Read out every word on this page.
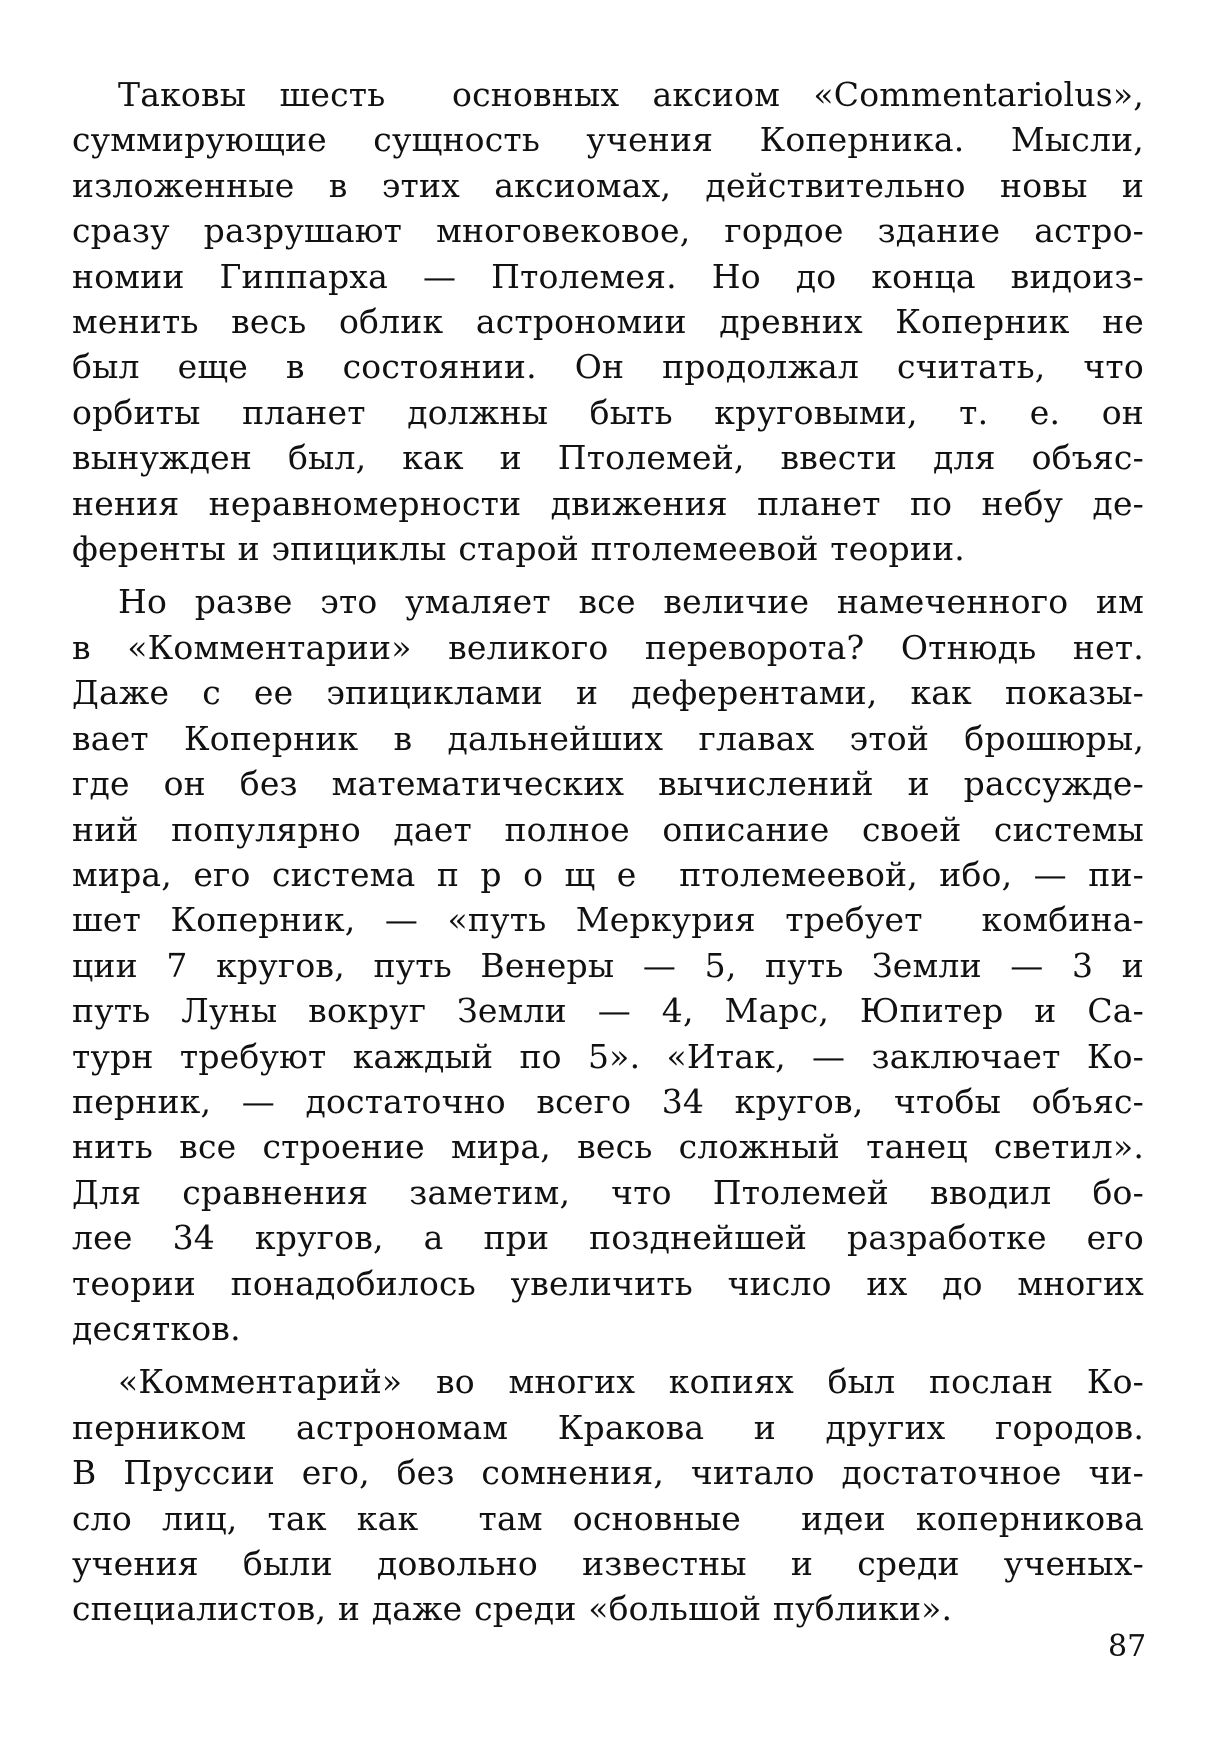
Таковы шесть  основных аксиом «Commentariolus»,
суммирующие сущность учения Коперника. Мысли,
изложенные в этих аксиомах, действительно новы и
сразу разрушают многовековое, гордое здание астро-
номии Гиппарха — Птолемея. Но до конца видоиз-
менить весь облик астрономии древних Коперник не
был еще в состоянии. Он продолжал считать, что
орбиты планет должны быть круговыми, т. е. он
вынужден был, как и Птолемей, ввести для объяс-
нения неравномерности движения планет по небу де-
ференты и эпициклы старой птолемеевой теории.

Но разве это умаляет все величие намеченного им
в «Комментарии» великого переворота? Отнюдь нет.
Даже с ее эпициклами и деферентами, как показы-
вает Коперник в дальнейших главах этой брошюры,
где он без математических вычислений и рассужде-
ний популярно дает полное описание своей системы
мира, его система п р о щ е  птолемеевой, ибо, — пи-
шет Коперник, — «путь Меркурия требует  комбина-
ции 7 кругов, путь Венеры — 5, путь Земли — 3 и
путь Луны вокруг Земли — 4, Марс, Юпитер и Са-
турн требуют каждый по 5». «Итак, — заключает Ко-
перник, — достаточно всего 34 кругов, чтобы объяс-
нить все строение мира, весь сложный танец светил».
Для сравнения заметим, что Птолемей вводил бо-
лее 34 кругов, а при позднейшей разработке его
теории понадобилось увеличить число их до многих
десятков.

«Комментарий» во многих копиях был послан Ко-
перником астрономам Кракова и других городов.
В Пруссии его, без сомнения, читало достаточное чи-
сло лиц, так как  там основные  идеи коперникова
учения были довольно известны и среди ученых-
специалистов, и даже среди «большой публики».

87
